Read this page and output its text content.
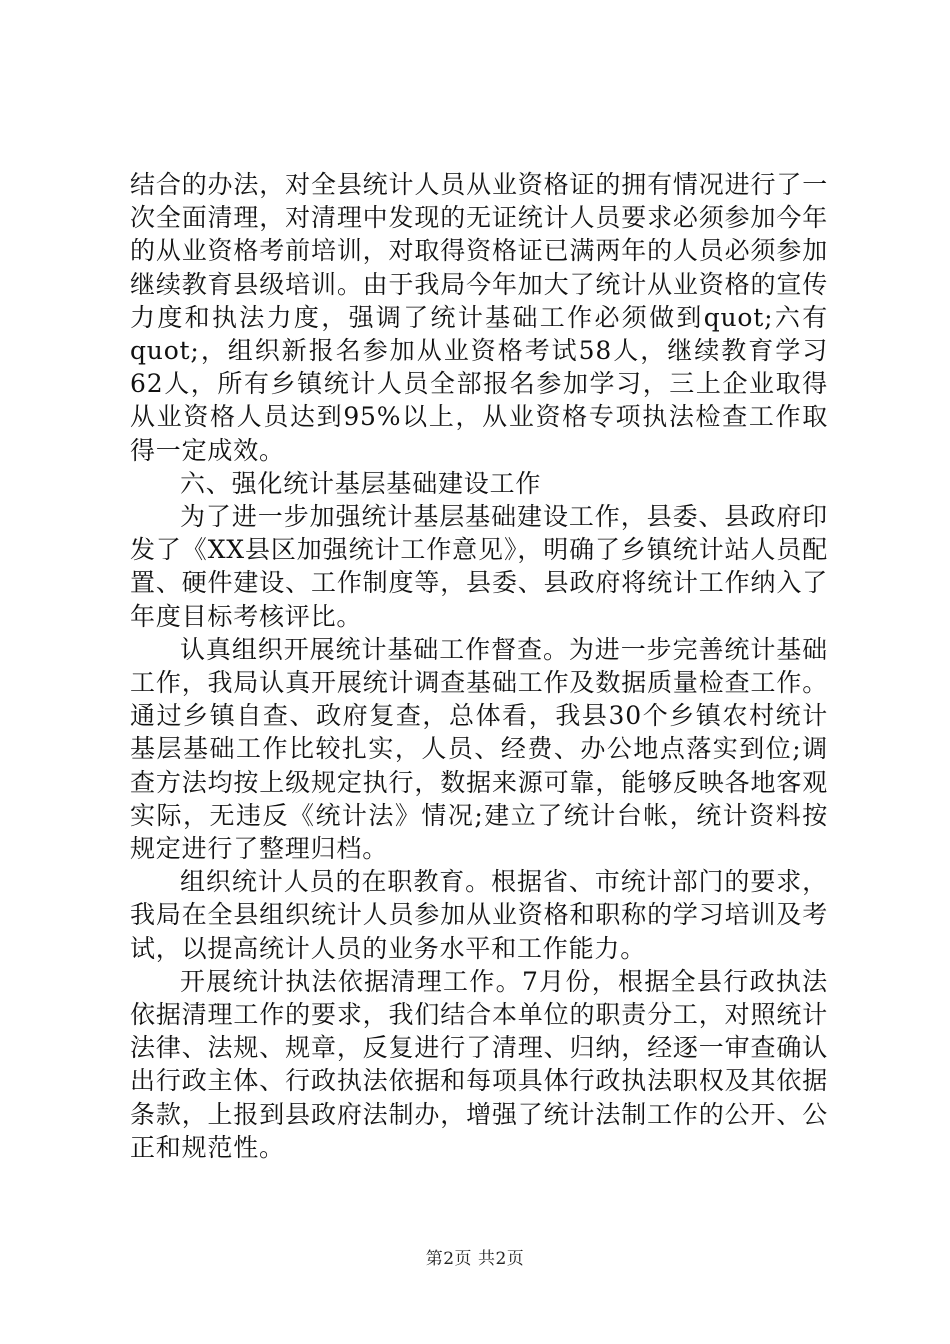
结合的办法，对全县统计人员从业资格证的拥有情况进行了一次全面清理，对清理中发现的无证统计人员要求必须参加今年的从业资格考前培训，对取得资格证已满两年的人员必须参加继续教育县级培训。由于我局今年加大了统计从业资格的宣传力度和执法力度，强调了统计基础工作必须做到quot;六有quot;，组织新报名参加从业资格考试58人，继续教育学习62人，所有乡镇统计人员全部报名参加学习，三上企业取得从业资格人员达到95%以上，从业资格专项执法检查工作取得一定成效。

六、强化统计基层基础建设工作

为了进一步加强统计基层基础建设工作，县委、县政府印发了《XX县区加强统计工作意见》，明确了乡镇统计站人员配置、硬件建设、工作制度等，县委、县政府将统计工作纳入了年度目标考核评比。

认真组织开展统计基础工作督查。为进一步完善统计基础工作，我局认真开展统计调查基础工作及数据质量检查工作。通过乡镇自查、政府复查，总体看，我县30个乡镇农村统计基层基础工作比较扎实，人员、经费、办公地点落实到位;调查方法均按上级规定执行，数据来源可靠，能够反映各地客观实际，无违反《统计法》情况;建立了统计台帐，统计资料按规定进行了整理归档。

组织统计人员的在职教育。根据省、市统计部门的要求，我局在全县组织统计人员参加从业资格和职称的学习培训及考试，以提高统计人员的业务水平和工作能力。

开展统计执法依据清理工作。7月份，根据全县行政执法依据清理工作的要求，我们结合本单位的职责分工，对照统计法律、法规、规章，反复进行了清理、归纳，经逐一审查确认出行政主体、行政执法依据和每项具体行政执法职权及其依据条款，上报到县政府法制办，增强了统计法制工作的公开、公正和规范性。

第2页 共2页
